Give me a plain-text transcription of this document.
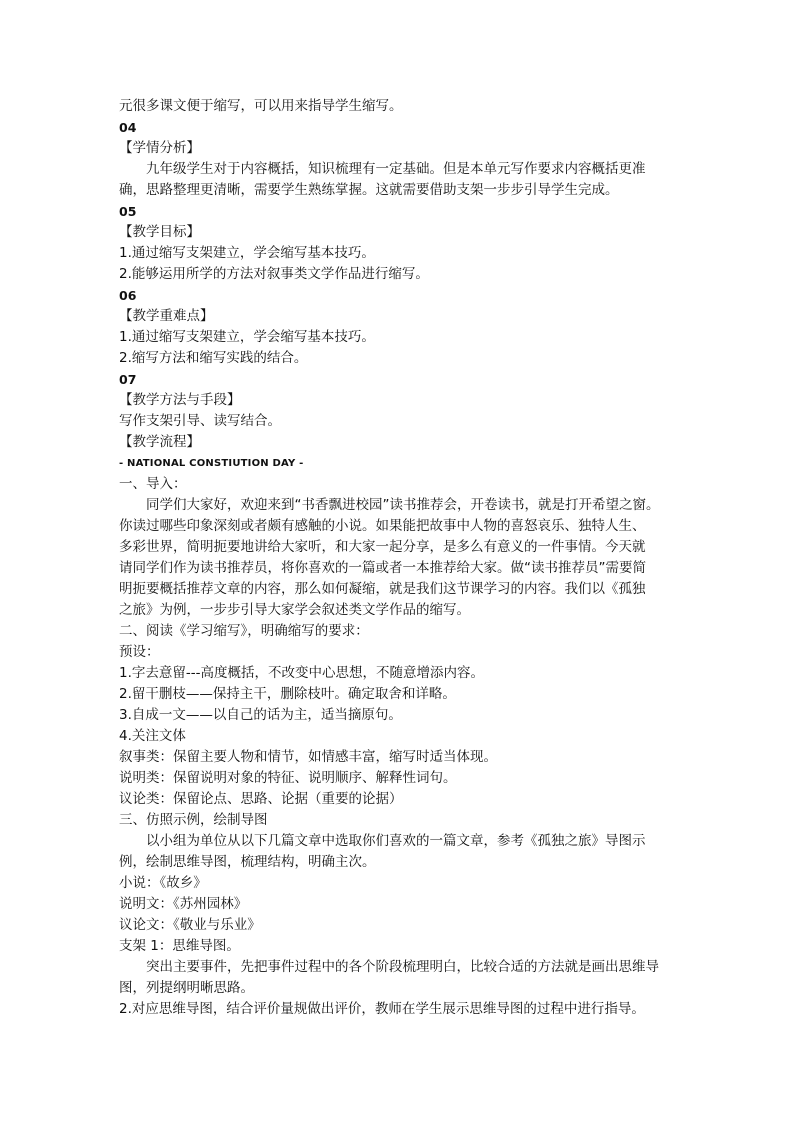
元很多课文便于缩写，可以用来指导学生缩写。
04
【学情分析】
九年级学生对于内容概括，知识梳理有一定基础。但是本单元写作要求内容概括更准
确，思路整理更清晰，需要学生熟练掌握。这就需要借助支架一步步引导学生完成。
05
【教学目标】
1.通过缩写支架建立，学会缩写基本技巧。
2.能够运用所学的方法对叙事类文学作品进行缩写。
06
【教学重难点】
1.通过缩写支架建立，学会缩写基本技巧。
2.缩写方法和缩写实践的结合。
07
【教学方法与手段】
写作支架引导、读写结合。
【教学流程】
- NATIONAL CONSTIUTION DAY -
一、导入：
同学们大家好，欢迎来到“书香飘进校园”读书推荐会，开卷读书，就是打开希望之窗。
你读过哪些印象深刻或者颇有感触的小说。如果能把故事中人物的喜怒哀乐、独特人生、
多彩世界，简明扼要地讲给大家听，和大家一起分享，是多么有意义的一件事情。今天就
请同学们作为读书推荐员，将你喜欢的一篇或者一本推荐给大家。做“读书推荐员”需要简
明扼要概括推荐文章的内容，那么如何凝缩，就是我们这节课学习的内容。我们以《孤独
之旅》为例，一步步引导大家学会叙述类文学作品的缩写。
二、阅读《学习缩写》，明确缩写的要求：
预设：
1.字去意留---高度概括，不改变中心思想，不随意增添内容。
2.留干删枝——保持主干，删除枝叶。确定取舍和详略。
3.自成一文——以自己的话为主，适当摘原句。
4.关注文体
叙事类：保留主要人物和情节，如情感丰富，缩写时适当体现。
说明类：保留说明对象的特征、说明顺序、解释性词句。
议论类：保留论点、思路、论据（重要的论据）
三、仿照示例，绘制导图
以小组为单位从以下几篇文章中选取你们喜欢的一篇文章，参考《孤独之旅》导图示
例，绘制思维导图，梳理结构，明确主次。
小说：《故乡》
说明文：《苏州园林》
议论文：《敬业与乐业》
支架 1：思维导图。
突出主要事件，先把事件过程中的各个阶段梳理明白，比较合适的方法就是画出思维导
图，列提纲明晰思路。
2.对应思维导图，结合评价量规做出评价，教师在学生展示思维导图的过程中进行指导。
